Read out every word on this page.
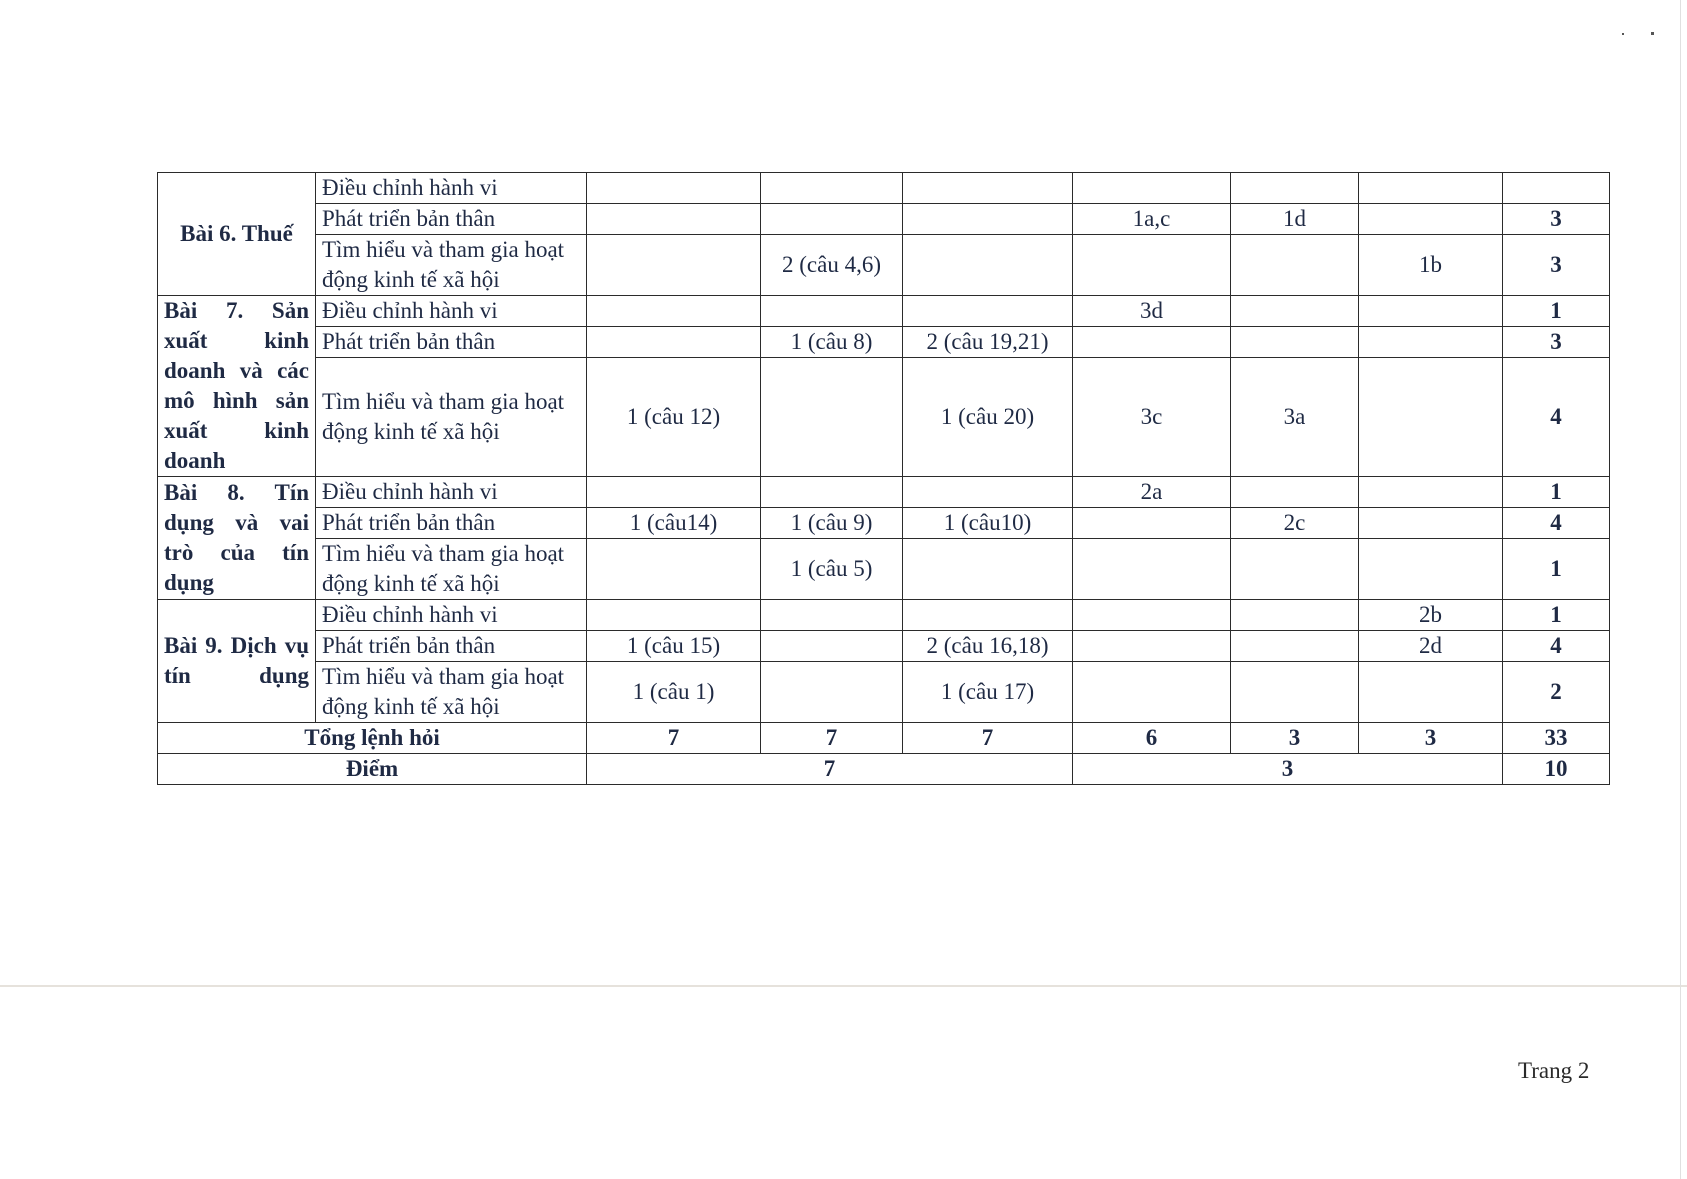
Bài 6. Thuế	Điều chỉnh hành vi							
	Phát triển bản thân				1a,c	1d		3
	Tìm hiểu và tham gia hoạt động kinh tế xã hội		2 (câu 4,6)				1b	3
Bài 7. Sản xuất kinh doanh và các mô hình sản xuất kinh doanh	Điều chỉnh hành vi				3d			1
	Phát triển bản thân		1 (câu 8)	2 (câu 19,21)				3
	Tìm hiểu và tham gia hoạt động kinh tế xã hội	1 (câu 12)		1 (câu 20)	3c	3a		4
Bài 8. Tín dụng và vai trò của tín dụng	Điều chỉnh hành vi				2a			1
	Phát triển bản thân	1 (câu14)	1 (câu 9)	1 (câu10)		2c		4
	Tìm hiểu và tham gia hoạt động kinh tế xã hội		1 (câu 5)					1
Bài 9. Dịch vụ tín dụng	Điều chỉnh hành vi						2b	1
	Phát triển bản thân	1 (câu 15)		2 (câu 16,18)			2d	4
	Tìm hiểu và tham gia hoạt động kinh tế xã hội	1 (câu 1)		1 (câu 17)				2
Tổng lệnh hỏi		7	7	7	6	3	3	33
Điểm		7			3			10
Trang 2
